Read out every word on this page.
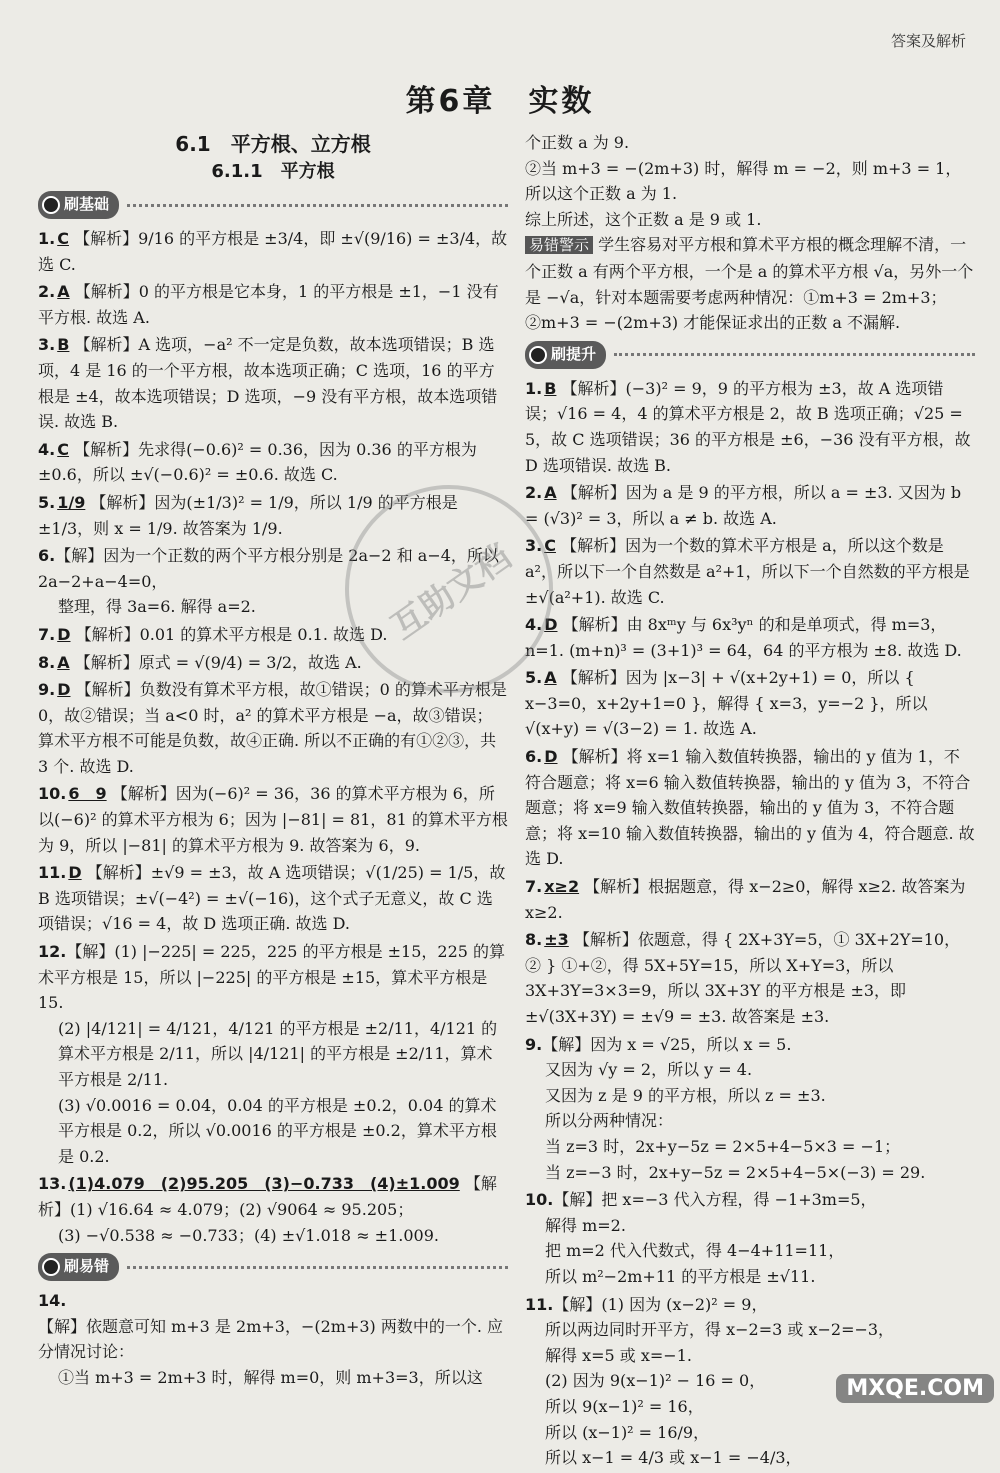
答案及解析
第6章　实数
6.1　平方根、立方根
6.1.1　平方根
刷基础
1. C 【解析】9/16 的平方根是 ±3/4，即 ±√(9/16) = ±3/4，故选 C.
2. A 【解析】0 的平方根是它本身，1 的平方根是 ±1，−1 没有平方根. 故选 A.
3. B 【解析】A 选项，−a² 不一定是负数，故本选项错误；B 选项，4 是 16 的一个平方根，故本选项正确；C 选项，16 的平方根是 ±4，故本选项错误；D 选项，−9 没有平方根，故本选项错误. 故选 B.
4. C 【解析】先求得(−0.6)² = 0.36，因为 0.36 的平方根为 ±0.6，所以 ±√(−0.6)² = ±0.6. 故选 C.
5. 1/9 【解析】因为(±1/3)² = 1/9，所以 1/9 的平方根是 ±1/3，则 x = 1/9. 故答案为 1/9.
6.【解】因为一个正数的两个平方根分别是 2a−2 和 a−4，所以 2a−2+a−4=0，
整理，得 3a=6. 解得 a=2.
7. D 【解析】0.01 的算术平方根是 0.1. 故选 D.
8. A 【解析】原式 = √(9/4) = 3/2，故选 A.
9. D 【解析】负数没有算术平方根，故①错误；0 的算术平方根是 0，故②错误；当 a<0 时，a² 的算术平方根是 −a，故③错误；算术平方根不可能是负数，故④正确. 所以不正确的有①②③，共 3 个. 故选 D.
10. 6　9 【解析】因为(−6)² = 36，36 的算术平方根为 6，所以(−6)² 的算术平方根为 6；因为 |−81| = 81，81 的算术平方根为 9，所以 |−81| 的算术平方根为 9. 故答案为 6，9.
11. D 【解析】±√9 = ±3，故 A 选项错误；√(1/25) = 1/5，故 B 选项错误；±√(−4²) = ±√(−16)，这个式子无意义，故 C 选项错误；√16 = 4，故 D 选项正确. 故选 D.
12.【解】(1) |−225| = 225，225 的平方根是 ±15，225 的算术平方根是 15，所以 |−225| 的平方根是 ±15，算术平方根是 15.
(2) |4/121| = 4/121，4/121 的平方根是 ±2/11，4/121 的算术平方根是 2/11，所以 |4/121| 的平方根是 ±2/11，算术平方根是 2/11.
(3) √0.0016 = 0.04，0.04 的平方根是 ±0.2，0.04 的算术平方根是 0.2，所以 √0.0016 的平方根是 ±0.2，算术平方根是 0.2.
13. (1)4.079　(2)95.205　(3)−0.733　(4)±1.009 【解析】(1) √16.64 ≈ 4.079；(2) √9064 ≈ 95.205；
(3) −√0.538 ≈ −0.733；(4) ±√1.018 ≈ ±1.009.
刷易错
14.
【解】依题意可知 m+3 是 2m+3，−(2m+3) 两数中的一个. 应分情况讨论：
①当 m+3 = 2m+3 时，解得 m=0，则 m+3=3，所以这
个正数 a 为 9.
②当 m+3 = −(2m+3) 时，解得 m = −2，则 m+3 = 1，所以这个正数 a 为 1.
综上所述，这个正数 a 是 9 或 1.
易错警示 学生容易对平方根和算术平方根的概念理解不清，一个正数 a 有两个平方根，一个是 a 的算术平方根 √a，另外一个是 −√a，针对本题需要考虑两种情况：①m+3 = 2m+3；②m+3 = −(2m+3) 才能保证求出的正数 a 不漏解.
刷提升
1. B 【解析】(−3)² = 9，9 的平方根为 ±3，故 A 选项错误；√16 = 4，4 的算术平方根是 2，故 B 选项正确；√25 = 5，故 C 选项错误；36 的平方根是 ±6，−36 没有平方根，故 D 选项错误. 故选 B.
2. A 【解析】因为 a 是 9 的平方根，所以 a = ±3. 又因为 b = (√3)² = 3，所以 a ≠ b. 故选 A.
3. C 【解析】因为一个数的算术平方根是 a，所以这个数是 a²，所以下一个自然数是 a²+1，所以下一个自然数的平方根是 ±√(a²+1). 故选 C.
4. D 【解析】由 8xᵐy 与 6x³yⁿ 的和是单项式，得 m=3，n=1. (m+n)³ = (3+1)³ = 64，64 的平方根为 ±8. 故选 D.
5. A 【解析】因为 |x−3| + √(x+2y+1) = 0，所以 { x−3=0，x+2y+1=0 }，解得 { x=3，y=−2 }，所以 √(x+y) = √(3−2) = 1. 故选 A.
6. D 【解析】将 x=1 输入数值转换器，输出的 y 值为 1，不符合题意；将 x=6 输入数值转换器，输出的 y 值为 3，不符合题意；将 x=9 输入数值转换器，输出的 y 值为 3，不符合题意；将 x=10 输入数值转换器，输出的 y 值为 4，符合题意. 故选 D.
7. x≥2 【解析】根据题意，得 x−2≥0，解得 x≥2. 故答案为 x≥2.
8. ±3 【解析】依题意，得 { 2X+3Y=5，① 3X+2Y=10，② } ①+②，得 5X+5Y=15，所以 X+Y=3，所以 3X+3Y=3×3=9，所以 3X+3Y 的平方根是 ±3，即 ±√(3X+3Y) = ±√9 = ±3. 故答案是 ±3.
9.【解】因为 x = √25，所以 x = 5.
又因为 √y = 2，所以 y = 4.
又因为 z 是 9 的平方根，所以 z = ±3.
所以分两种情况：
当 z=3 时，2x+y−5z = 2×5+4−5×3 = −1；
当 z=−3 时，2x+y−5z = 2×5+4−5×(−3) = 29.
10.【解】把 x=−3 代入方程，得 −1+3m=5，
解得 m=2.
把 m=2 代入代数式，得 4−4+11=11，
所以 m²−2m+11 的平方根是 ±√11.
11.【解】(1) 因为 (x−2)² = 9，
所以两边同时开平方，得 x−2=3 或 x−2=−3，
解得 x=5 或 x=−1.
(2) 因为 9(x−1)² − 16 = 0，
所以 9(x−1)² = 16，
所以 (x−1)² = 16/9，
所以 x−1 = 4/3 或 x−1 = −4/3，
互助文档
MXQE.COM
